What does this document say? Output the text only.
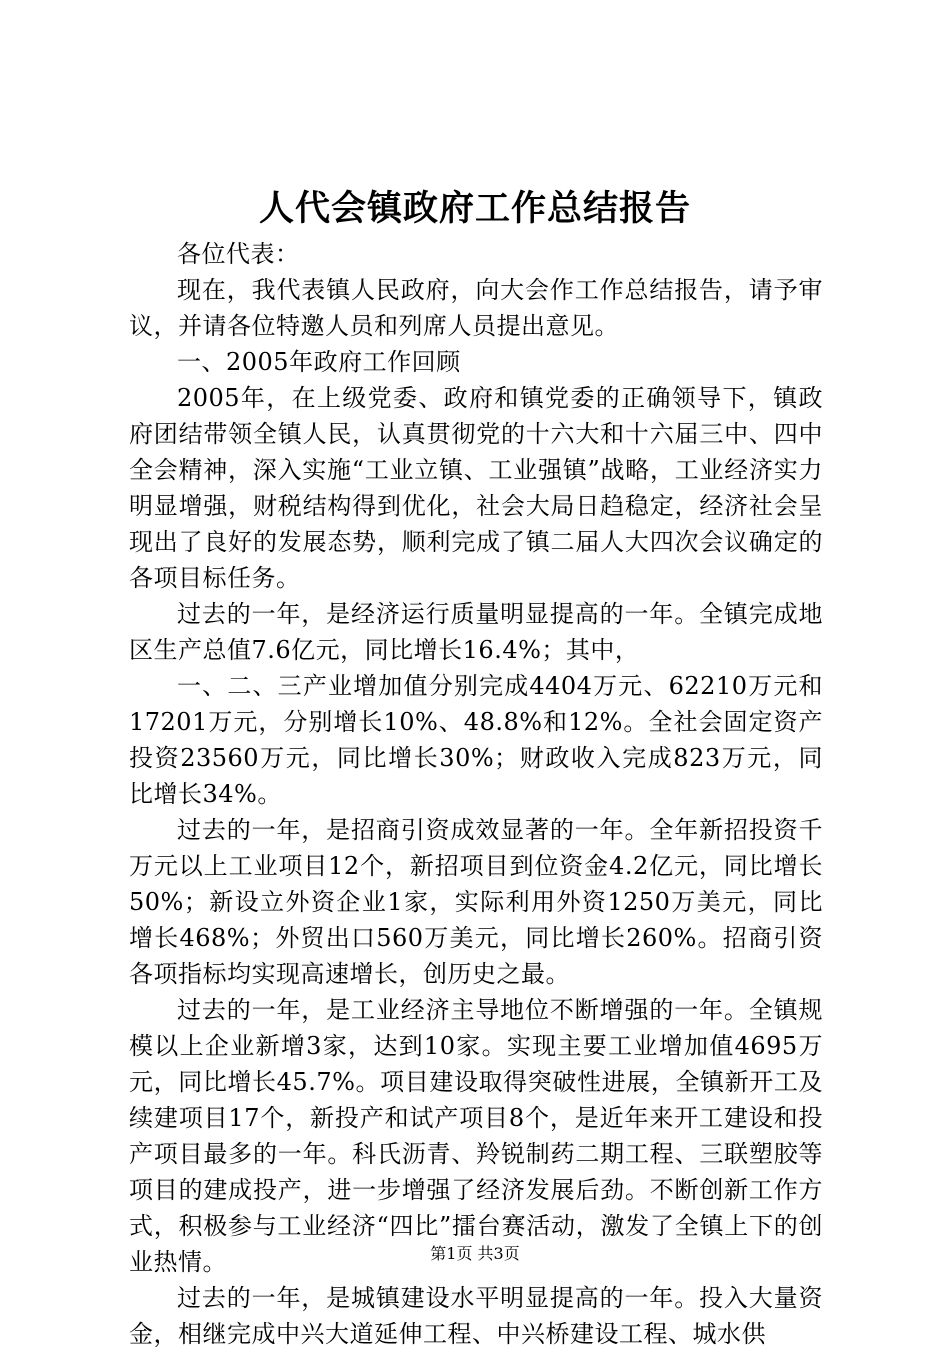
人代会镇政府工作总结报告

各位代表：

现在，我代表镇人民政府，向大会作工作总结报告，请予审议，并请各位特邀人员和列席人员提出意见。

一、2005年政府工作回顾

2005年，在上级党委、政府和镇党委的正确领导下，镇政府团结带领全镇人民，认真贯彻党的十六大和十六届三中、四中全会精神，深入实施“工业立镇、工业强镇”战略，工业经济实力明显增强，财税结构得到优化，社会大局日趋稳定，经济社会呈现出了良好的发展态势，顺利完成了镇二届人大四次会议确定的各项目标任务。

过去的一年，是经济运行质量明显提高的一年。全镇完成地区生产总值7.6亿元，同比增长16.4%；其中，

一、二、三产业增加值分别完成4404万元、62210万元和17201万元，分别增长10%、48.8%和12%。全社会固定资产投资23560万元，同比增长30%；财政收入完成823万元，同比增长34%。

过去的一年，是招商引资成效显著的一年。全年新招投资千万元以上工业项目12个，新招项目到位资金4.2亿元，同比增长50%；新设立外资企业1家，实际利用外资1250万美元，同比增长468%；外贸出口560万美元，同比增长260%。招商引资各项指标均实现高速增长，创历史之最。

过去的一年，是工业经济主导地位不断增强的一年。全镇规模以上企业新增3家，达到10家。实现主要工业增加值4695万元，同比增长45.7%。项目建设取得突破性进展，全镇新开工及续建项目17个，新投产和试产项目8个，是近年来开工建设和投产项目最多的一年。科氏沥青、羚锐制药二期工程、三联塑胶等项目的建成投产，进一步增强了经济发展后劲。不断创新工作方式，积极参与工业经济“四比”擂台赛活动，激发了全镇上下的创业热情。

过去的一年，是城镇建设水平明显提高的一年。投入大量资金，相继完成中兴大道延伸工程、中兴桥建设工程、城水供

第1页 共3页
